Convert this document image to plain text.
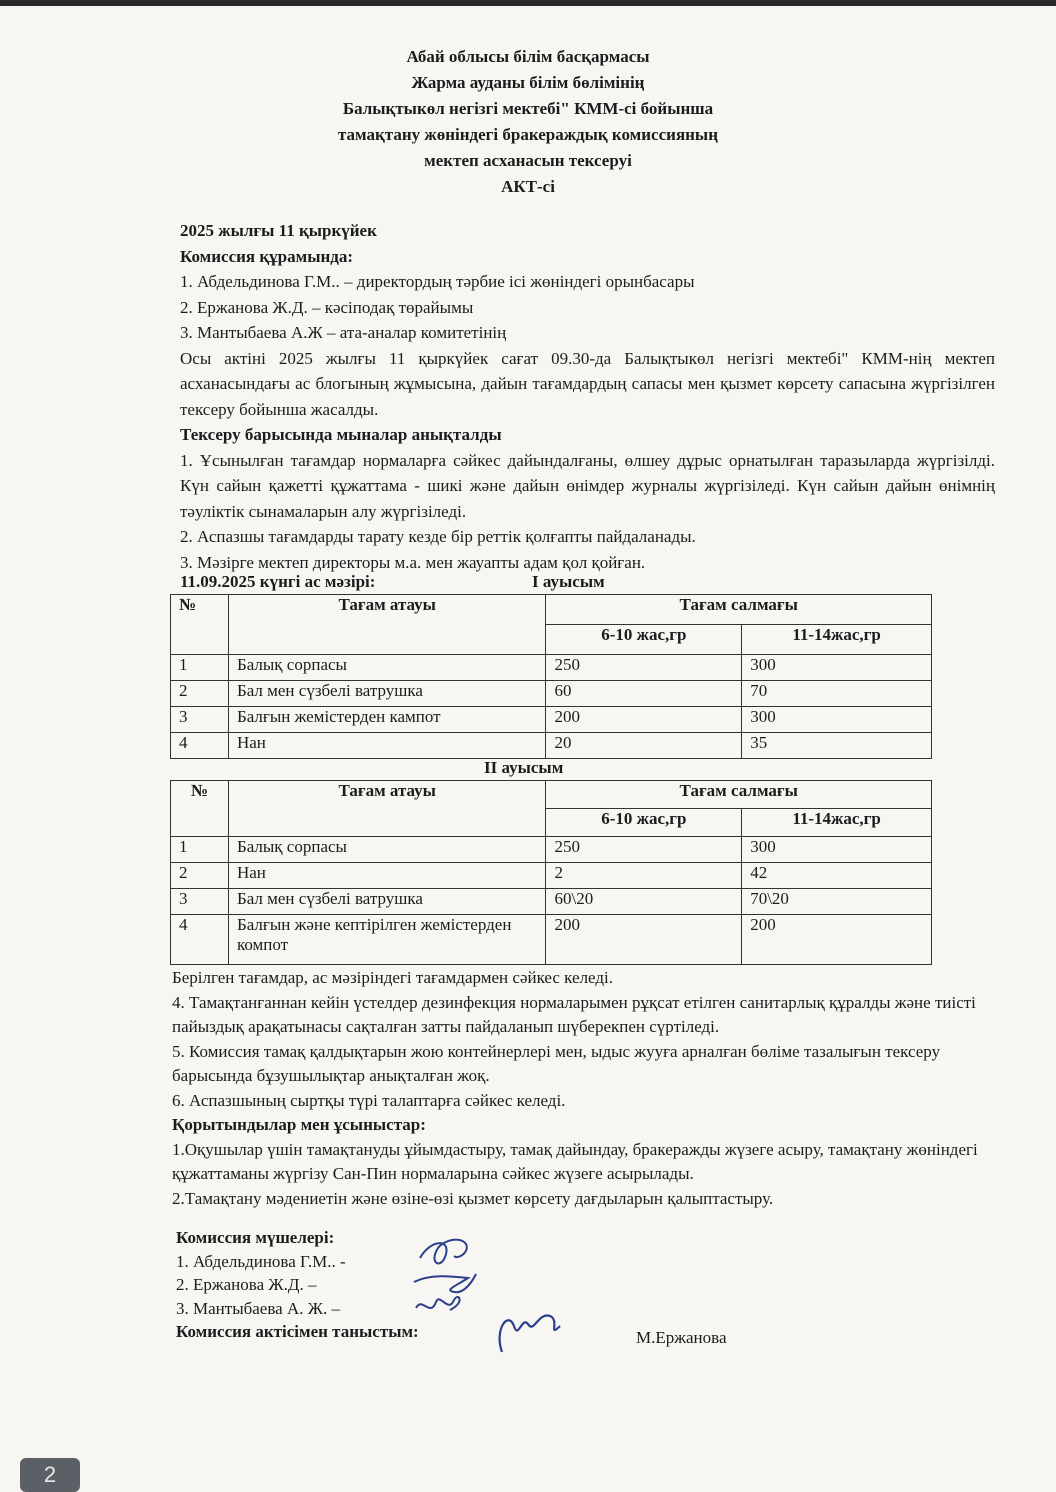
Абай облысы білім басқармасы
Жарма ауданы білім бөлімінің
Балықтыкөл негізгі мектебі" КММ-сі бойынша
тамақтану жөніндегі бракераждық комиссияның
мектеп асханасын тексеруі
АКТ-сі
2025 жылғы 11 қыркүйек
Комиссия құрамында:
1. Абдельдинова Г.М.. – директордың тәрбие ісі жөніндегі орынбасары
2. Ержанова Ж.Д. – кәсіподақ төрайымы
3. Мантыбаева А.Ж – ата-аналар комитетінің
Осы актіні 2025 жылғы 11 қыркүйек сағат 09.30-да Балықтыкөл негізгі мектебі" КММ-нің мектеп асханасындағы ас блогының жұмысына, дайын тағамдардың сапасы мен қызмет көрсету сапасына жүргізілген тексеру бойынша жасалды.
Тексеру барысында мыналар анықталды
1. Ұсынылған тағамдар нормаларға сәйкес дайындалғаны, өлшеу дұрыс орнатылған таразыларда жүргізілді. Күн сайын қажетті құжаттама - шикі және дайын өнімдер журналы жүргізіледі. Күн сайын дайын өнімнің тәуліктік сынамаларын алу жүргізіледі.
2. Аспазшы тағамдарды тарату кезде бір реттік қолғапты пайдаланады.
3. Мәзірге мектеп директоры м.а. мен жауапты адам қол қойған.
11.09.2025 күнгі ас мәзірі:	I ауысым
№	Тағам атауы	Тағам салмағы	
		6-10 жас,гр	11-14жас,гр
1	Балық сорпасы	250	300
2	Бал мен сүзбелі ватрушка	60	70
3	Балғын жемістерден кампот	200	300
4	Нан	20	35
II ауысым
№	Тағам атауы	Тағам салмағы	
		6-10 жас,гр	11-14жас,гр
1	Балық сорпасы	250	300
2	Нан	2	42
3	Бал мен сүзбелі ватрушка	60\20	70\20
4	Балғын және кептірілген жемістерден компот	200	200
Берілген тағамдар, ас мәзіріндегі тағамдармен сәйкес келеді.
4. Тамақтанғаннан кейін үстелдер дезинфекция нормаларымен рұқсат етілген санитарлық құралды және тиісті пайыздық арақатынасы сақталған затты пайдаланып шүберекпен сүртіледі.
5. Комиссия тамақ қалдықтарын жою контейнерлері мен, ыдыс жууға арналған бөліме тазалығын тексеру барысында бұзушылықтар анықталған жоқ.
6. Аспазшының сыртқы түрі талаптарға сәйкес келеді.
Қорытындылар мен ұсыныстар:
1.Оқушылар үшін тамақтануды ұйымдастыру, тамақ дайындау, бракеражды жүзеге асыру, тамақтану жөніндегі құжаттаманы жүргізу Сан-Пин нормаларына сәйкес жүзеге асырылады.
2.Тамақтану мәдениетін және өзіне-өзі қызмет көрсету дағдыларын қалыптастыру.
Комиссия мүшелері:
1. Абдельдинова Г.М.. -
2. Ержанова Ж.Д. –
3. Мантыбаева А. Ж. –
Комиссия актісімен таныстым:	М.Ержанова
2
